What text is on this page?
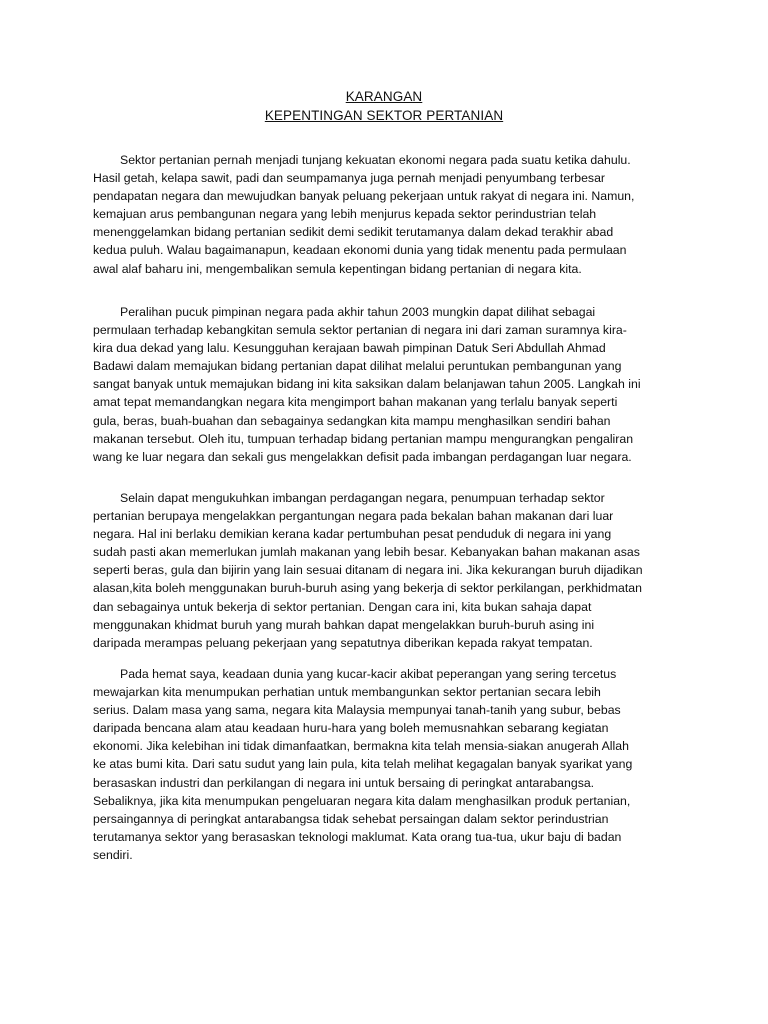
KARANGAN
KEPENTINGAN SEKTOR PERTANIAN
Sektor pertanian pernah menjadi tunjang kekuatan ekonomi negara pada suatu ketika dahulu.
Hasil getah, kelapa sawit, padi dan seumpamanya juga pernah menjadi penyumbang terbesar
pendapatan negara dan mewujudkan banyak peluang pekerjaan untuk rakyat di negara ini. Namun,
kemajuan arus pembangunan negara yang lebih menjurus kepada sektor perindustrian telah
menenggelamkan bidang pertanian sedikit demi sedikit terutamanya dalam dekad terakhir abad
kedua puluh. Walau bagaimanapun, keadaan ekonomi dunia yang tidak menentu pada permulaan
awal alaf baharu ini, mengembalikan semula kepentingan bidang pertanian di negara kita.
Peralihan pucuk pimpinan negara pada akhir tahun 2003 mungkin dapat dilihat sebagai
permulaan terhadap kebangkitan semula sektor pertanian di negara ini dari zaman suramnya kira-
kira dua dekad yang lalu. Kesungguhan kerajaan bawah pimpinan Datuk Seri Abdullah Ahmad
Badawi dalam memajukan bidang pertanian dapat dilihat melalui peruntukan pembangunan yang
sangat banyak untuk memajukan bidang ini kita saksikan dalam belanjawan tahun 2005. Langkah ini
amat tepat memandangkan negara kita mengimport bahan makanan yang terlalu banyak seperti
gula, beras, buah-buahan dan sebagainya sedangkan kita mampu menghasilkan sendiri bahan
makanan tersebut. Oleh itu, tumpuan terhadap bidang pertanian mampu mengurangkan pengaliran
wang ke luar negara dan sekali gus mengelakkan defisit pada imbangan perdagangan luar negara.
Selain dapat mengukuhkan imbangan perdagangan negara, penumpuan terhadap sektor
pertanian berupaya mengelakkan pergantungan negara pada bekalan bahan makanan dari luar
negara. Hal ini berlaku demikian kerana kadar pertumbuhan pesat penduduk di negara ini yang
sudah pasti akan memerlukan jumlah makanan yang lebih besar. Kebanyakan bahan makanan asas
seperti beras, gula dan bijirin yang lain sesuai ditanam di negara ini. Jika kekurangan buruh dijadikan
alasan,kita boleh menggunakan buruh-buruh asing yang bekerja di sektor perkilangan, perkhidmatan
dan sebagainya untuk bekerja di sektor pertanian. Dengan cara ini, kita bukan sahaja dapat
menggunakan khidmat buruh yang murah bahkan dapat mengelakkan buruh-buruh asing ini
daripada merampas peluang pekerjaan yang sepatutnya diberikan kepada rakyat tempatan.
Pada hemat saya, keadaan dunia yang kucar-kacir akibat peperangan yang sering tercetus
mewajarkan kita menumpukan perhatian untuk membangunkan sektor pertanian secara lebih
serius. Dalam masa yang sama, negara kita Malaysia mempunyai tanah-tanih yang subur, bebas
daripada bencana alam atau keadaan huru-hara yang boleh memusnahkan sebarang kegiatan
ekonomi. Jika kelebihan ini tidak dimanfaatkan, bermakna kita telah mensia-siakan anugerah Allah
ke atas bumi kita. Dari satu sudut yang lain pula, kita telah melihat kegagalan banyak syarikat yang
berasaskan industri dan perkilangan di negara ini untuk bersaing di peringkat antarabangsa.
Sebaliknya, jika kita menumpukan pengeluaran negara kita dalam menghasilkan produk pertanian,
persaingannya di peringkat antarabangsa tidak sehebat persaingan dalam sektor perindustrian
terutamanya sektor yang berasaskan teknologi maklumat. Kata orang tua-tua, ukur baju di badan
sendiri.
